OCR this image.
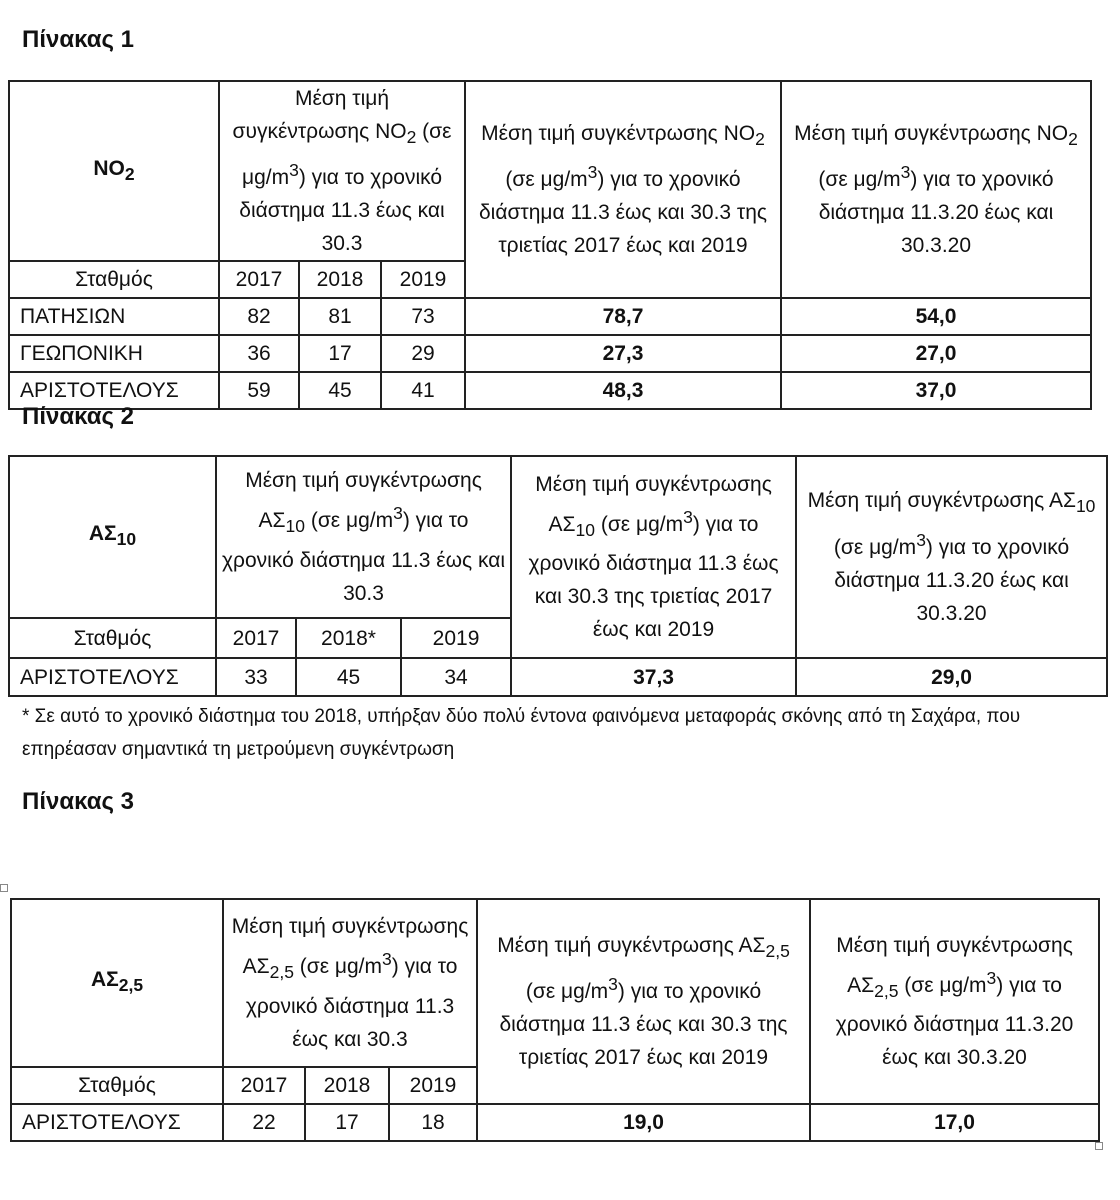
Πίνακας 1
$NO_2$	Μέση τιμή συγκέντρωσης $NO_2$ (σε $\mu g/m^3$) για το χρονικό διάστημα 11.3 έως και 30.3			Μέση τιμή συγκέντρωσης $NO_2$ (σε $\mu g/m^3$) για το χρονικό διάστημα 11.3 έως και 30.3 της τριετίας 2017 έως και 2019	Μέση τιμή συγκέντρωσης $NO_2$ (σε $\mu g/m^3$) για το χρονικό διάστημα 11.3.20 έως και 30.3.20
Σταθμός	2017	2018	2019		
ΠΑΤΗΣΙΩΝ	82	81	73	78,7	54,0
ΓΕΩΠΟΝΙΚΗ	36	17	29	27,3	27,0
ΑΡΙΣΤΟΤΕΛΟΥΣ	59	45	41	48,3	37,0
Πίνακας 2
$A\Sigma_{10}$	Μέση τιμή συγκέντρωσης $A\Sigma_{10}$ (σε $\mu g/m^3$) για το χρονικό διάστημα 11.3 έως και 30.3			Μέση τιμή συγκέντρωσης $A\Sigma_{10}$ (σε $\mu g/m^3$) για το χρονικό διάστημα 11.3 έως και 30.3 της τριετίας 2017 έως και 2019	Μέση τιμή συγκέντρωσης $A\Sigma_{10}$ (σε $\mu g/m^3$) για το χρονικό διάστημα 11.3.20 έως και 30.3.20
Σταθμός	2017	2018*	2019		
ΑΡΙΣΤΟΤΕΛΟΥΣ	33	45	34	37,3	29,0
* Σε αυτό το χρονικό διάστημα του 2018, υπήρξαν δύο πολύ έντονα φαινόμενα μεταφοράς σκόνης από τη Σαχάρα, που επηρέασαν σημαντικά τη μετρούμενη συγκέντρωση
Πίνακας 3
$A\Sigma_{2,5}$	Μέση τιμή συγκέντρωσης $A\Sigma_{2,5}$ (σε $\mu g/m^3$) για το χρονικό διάστημα 11.3 έως και 30.3			Μέση τιμή συγκέντρωσης $A\Sigma_{2,5}$ (σε $\mu g/m^3$) για το χρονικό διάστημα 11.3 έως και 30.3 της τριετίας 2017 έως και 2019	Μέση τιμή συγκέντρωσης $A\Sigma_{2,5}$ (σε $\mu g/m^3$) για το χρονικό διάστημα 11.3.20 έως και 30.3.20
Σταθμός	2017	2018	2019		
ΑΡΙΣΤΟΤΕΛΟΥΣ	22	17	18	19,0	17,0
